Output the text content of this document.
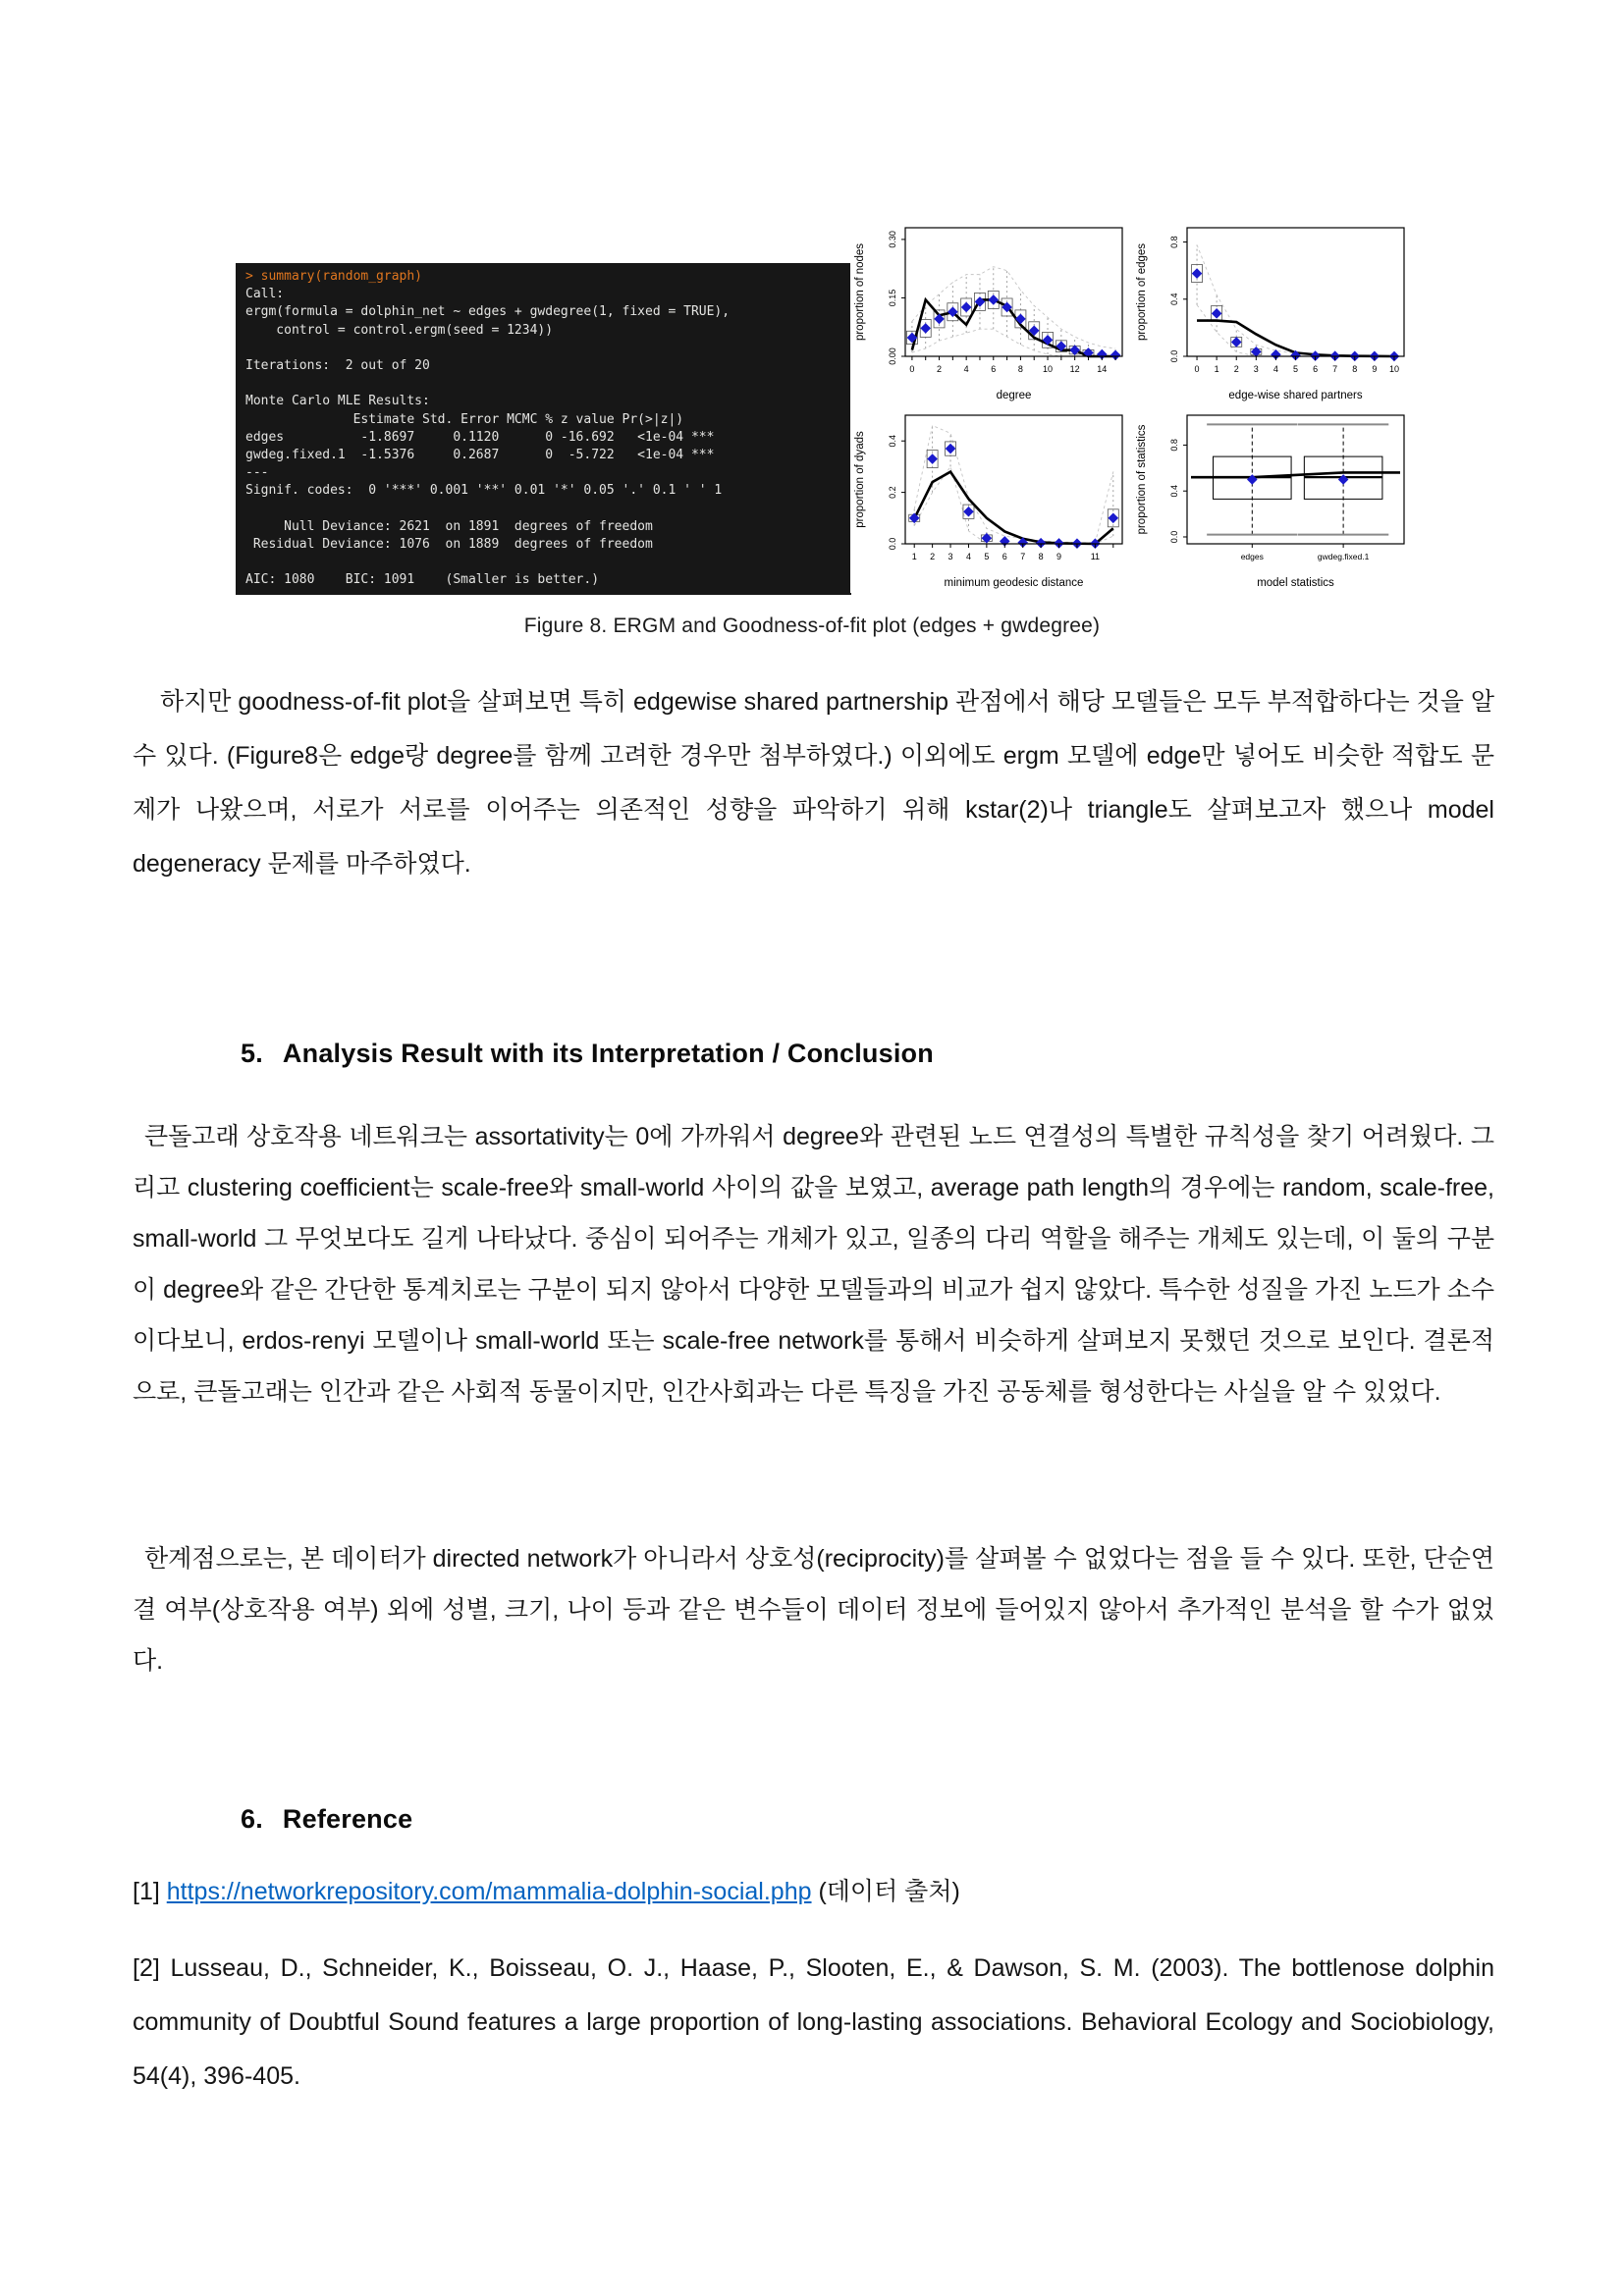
> summary(random_graph)
Call:
ergm(formula = dolphin_net ~ edges + gwdegree(1, fixed = TRUE),
control = control.ergm(seed = 1234))

Iterations:  2 out of 20

Monte Carlo MLE Results:
Estimate Std. Error MCMC % z value Pr(>|z|)
edges          -1.8697     0.1120      0 -16.692   <1e-04 ***
gwdeg.fixed.1  -1.5376     0.2687      0  -5.722   <1e-04 ***
---
Signif. codes:  0 '***' 0.001 '**' 0.01 '*' 0.05 '.' 0.1 ' ' 1

Null Deviance: 2621  on 1891  degrees of freedom
Residual Deviance: 1076  on 1889  degrees of freedom

AIC: 1080    BIC: 1091    (Smaller is better.)
0	2	4	6	8 10 12 14
0.00
0.15
0.30
proportion of nodes
degree
0 1 2 3 4 5 6 7 8 9 10
0.0
0.4
0.8
proportion of edges
edge-wise shared partners
1 2 3 4 5 6 7 8 9	11
0.0
0.2
0.4
proportion of dyads
minimum geodesic distance
edges	gwdeg.fixed.1
0.0
0.4
0.8
proportion of statistics
model statistics
Figure 8. ERGM and Goodness-of-fit plot (edges + gwdegree)

하지만 goodness-of-fit plot을 살펴보면 특히 edgewise shared partnership 관점에서 해당 모델들은 모두 부적합하다는 것을 알 수 있다. (Figure8은 edge랑 degree를 함께 고려한 경우만 첨부하였다.) 이외에도 ergm 모델에 edge만 넣어도 비슷한 적합도 문제가 나왔으며, 서로가 서로를 이어주는 의존적인 성향을 파악하기 위해 kstar(2)나 triangle도 살펴보고자 했으나 model degeneracy 문제를 마주하였다.

5. Analysis Result with its Interpretation / Conclusion

큰돌고래 상호작용 네트워크는 assortativity는 0에 가까워서 degree와 관련된 노드 연결성의 특별한 규칙성을 찾기 어려웠다. 그리고 clustering coefficient는 scale-free와 small-world 사이의 값을 보였고, average path length의 경우에는 random, scale-free, small-world 그 무엇보다도 길게 나타났다. 중심이 되어주는 개체가 있고, 일종의 다리 역할을 해주는 개체도 있는데, 이 둘의 구분이 degree와 같은 간단한 통계치로는 구분이 되지 않아서 다양한 모델들과의 비교가 쉽지 않았다. 특수한 성질을 가진 노드가 소수이다보니, erdos-renyi 모델이나 small-world 또는 scale-free network를 통해서 비슷하게 살펴보지 못했던 것으로 보인다. 결론적으로, 큰돌고래는 인간과 같은 사회적 동물이지만, 인간사회과는 다른 특징을 가진 공동체를 형성한다는 사실을 알 수 있었다.

한계점으로는, 본 데이터가 directed network가 아니라서 상호성(reciprocity)를 살펴볼 수 없었다는 점을 들 수 있다. 또한, 단순연결 여부(상호작용 여부) 외에 성별, 크기, 나이 등과 같은 변수들이 데이터 정보에 들어있지 않아서 추가적인 분석을 할 수가 없었다.

6. Reference

[1] https://networkrepository.com/mammalia-dolphin-social.php (데이터 출처)

[2] Lusseau, D., Schneider, K., Boisseau, O. J., Haase, P., Slooten, E., & Dawson, S. M. (2003). The bottlenose dolphin community of Doubtful Sound features a large proportion of long-lasting associations. Behavioral Ecology and Sociobiology, 54(4), 396-405.
